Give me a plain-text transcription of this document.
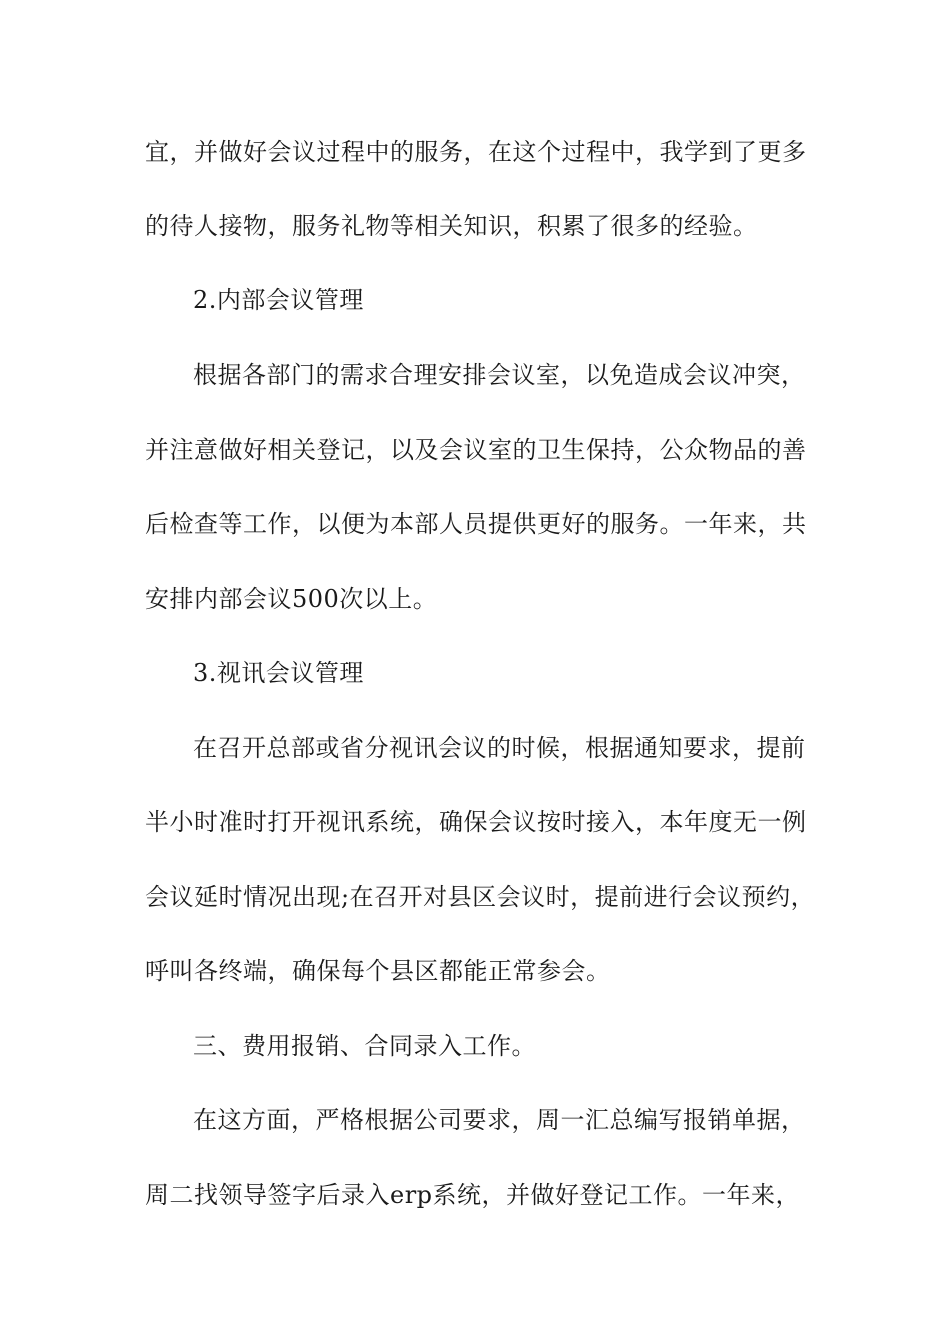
宜，并做好会议过程中的服务，在这个过程中，我学到了更多

的待人接物，服务礼物等相关知识，积累了很多的经验。

2.内部会议管理

根据各部门的需求合理安排会议室，以免造成会议冲突，

并注意做好相关登记，以及会议室的卫生保持，公众物品的善

后检查等工作，以便为本部人员提供更好的服务。一年来，共

安排内部会议500次以上。

3.视讯会议管理

在召开总部或省分视讯会议的时候，根据通知要求，提前

半小时准时打开视讯系统，确保会议按时接入，本年度无一例

会议延时情况出现;在召开对县区会议时，提前进行会议预约，

呼叫各终端，确保每个县区都能正常参会。

三、费用报销、合同录入工作。

在这方面，严格根据公司要求，周一汇总编写报销单据，

周二找领导签字后录入erp系统，并做好登记工作。一年来，
